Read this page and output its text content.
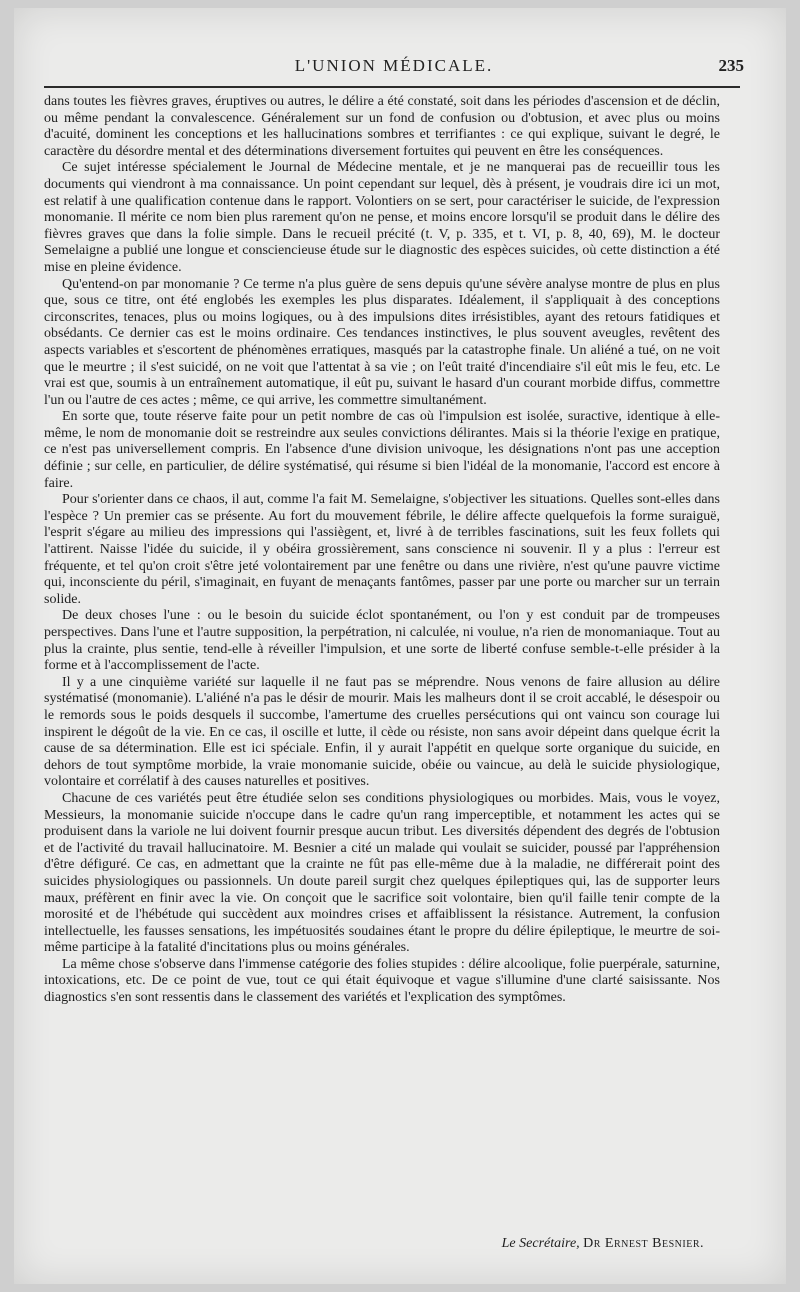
L'UNION MÉDICALE.	235

dans toutes les fièvres graves, éruptives ou autres, le délire a été constaté, soit dans les périodes d'ascension et de déclin, ou même pendant la convalescence. Généralement sur un fond de confusion ou d'obtusion, et avec plus ou moins d'acuité, dominent les conceptions et les hallucinations sombres et terrifiantes : ce qui explique, suivant le degré, le caractère du désordre mental et des déterminations diversement fortuites qui peuvent en être les conséquences.

Ce sujet intéresse spécialement le Journal de Médecine mentale, et je ne manquerai pas de recueillir tous les documents qui viendront à ma connaissance. Un point cependant sur lequel, dès à présent, je voudrais dire ici un mot, est relatif à une qualification contenue dans le rapport. Volontiers on se sert, pour caractériser le suicide, de l'expression monomanie. Il mérite ce nom bien plus rarement qu'on ne pense, et moins encore lorsqu'il se produit dans le délire des fièvres graves que dans la folie simple. Dans le recueil précité (t. V, p. 335, et t. VI, p. 8, 40, 69), M. le docteur Semelaigne a publié une longue et consciencieuse étude sur le diagnostic des espèces suicides, où cette distinction a été mise en pleine évidence.

Qu'entend-on par monomanie ? Ce terme n'a plus guère de sens depuis qu'une sévère analyse montre de plus en plus que, sous ce titre, ont été englobés les exemples les plus disparates. Idéalement, il s'appliquait à des conceptions circonscrites, tenaces, plus ou moins logiques, ou à des impulsions dites irrésistibles, ayant des retours fatidiques et obsédants. Ce dernier cas est le moins ordinaire. Ces tendances instinctives, le plus souvent aveugles, revêtent des aspects variables et s'escortent de phénomènes erratiques, masqués par la catastrophe finale. Un aliéné a tué, on ne voit que le meurtre ; il s'est suicidé, on ne voit que l'attentat à sa vie ; on l'eût traité d'incendiaire s'il eût mis le feu, etc. Le vrai est que, soumis à un entraînement automatique, il eût pu, suivant le hasard d'un courant morbide diffus, commettre l'un ou l'autre de ces actes ; même, ce qui arrive, les commettre simultanément.

En sorte que, toute réserve faite pour un petit nombre de cas où l'impulsion est isolée, suractive, identique à elle-même, le nom de monomanie doit se restreindre aux seules convictions délirantes. Mais si la théorie l'exige en pratique, ce n'est pas universellement compris. En l'absence d'une division univoque, les désignations n'ont pas une acception définie ; sur celle, en particulier, de délire systématisé, qui résume si bien l'idéal de la monomanie, l'accord est encore à faire.

Pour s'orienter dans ce chaos, il aut, comme l'a fait M. Semelaigne, s'objectiver les situations. Quelles sont-elles dans l'espèce ? Un premier cas se présente. Au fort du mouvement fébrile, le délire affecte quelquefois la forme suraiguë, l'esprit s'égare au milieu des impressions qui l'assiègent, et, livré à de terribles fascinations, suit les feux follets qui l'attirent. Naisse l'idée du suicide, il y obéira grossièrement, sans conscience ni souvenir. Il y a plus : l'erreur est fréquente, et tel qu'on croit s'être jeté volontairement par une fenêtre ou dans une rivière, n'est qu'une pauvre victime qui, inconsciente du péril, s'imaginait, en fuyant de menaçants fantômes, passer par une porte ou marcher sur un terrain solide.

De deux choses l'une : ou le besoin du suicide éclot spontanément, ou l'on y est conduit par de trompeuses perspectives. Dans l'une et l'autre supposition, la perpétration, ni calculée, ni voulue, n'a rien de monomaniaque. Tout au plus la crainte, plus sentie, tend-elle à réveiller l'impulsion, et une sorte de liberté confuse semble-t-elle présider à la forme et à l'accomplissement de l'acte.

Il y a une cinquième variété sur laquelle il ne faut pas se méprendre. Nous venons de faire allusion au délire systématisé (monomanie). L'aliéné n'a pas le désir de mourir. Mais les malheurs dont il se croit accablé, le désespoir ou le remords sous le poids desquels il succombe, l'amertume des cruelles persécutions qui ont vaincu son courage lui inspirent le dégoût de la vie. En ce cas, il oscille et lutte, il cède ou résiste, non sans avoir dépeint dans quelque écrit la cause de sa détermination. Elle est ici spéciale. Enfin, il y aurait l'appétit en quelque sorte organique du suicide, en dehors de tout symptôme morbide, la vraie monomanie suicide, obéie ou vaincue, au delà le suicide physiologique, volontaire et corrélatif à des causes naturelles et positives.

Chacune de ces variétés peut être étudiée selon ses conditions physiologiques ou morbides. Mais, vous le voyez, Messieurs, la monomanie suicide n'occupe dans le cadre qu'un rang imperceptible, et notamment les actes qui se produisent dans la variole ne lui doivent fournir presque aucun tribut. Les diversités dépendent des degrés de l'obtusion et de l'activité du travail hallucinatoire. M. Besnier a cité un malade qui voulait se suicider, poussé par l'appréhension d'être défiguré. Ce cas, en admettant que la crainte ne fût pas elle-même due à la maladie, ne différerait point des suicides physiologiques ou passionnels. Un doute pareil surgit chez quelques épileptiques qui, las de supporter leurs maux, préfèrent en finir avec la vie. On conçoit que le sacrifice soit volontaire, bien qu'il faille tenir compte de la morosité et de l'hébétude qui succèdent aux moindres crises et affaiblissent la résistance. Autrement, la confusion intellectuelle, les fausses sensations, les impétuosités soudaines étant le propre du délire épileptique, le meurtre de soi-même participe à la fatalité d'incitations plus ou moins générales.

La même chose s'observe dans l'immense catégorie des folies stupides : délire alcoolique, folie puerpérale, saturnine, intoxications, etc. De ce point de vue, tout ce qui était équivoque et vague s'illumine d'une clarté saisissante. Nos diagnostics s'en sont ressentis dans le classement des variétés et l'explication des symptômes.

Le Secrétaire, Dr Ernest Besnier.
